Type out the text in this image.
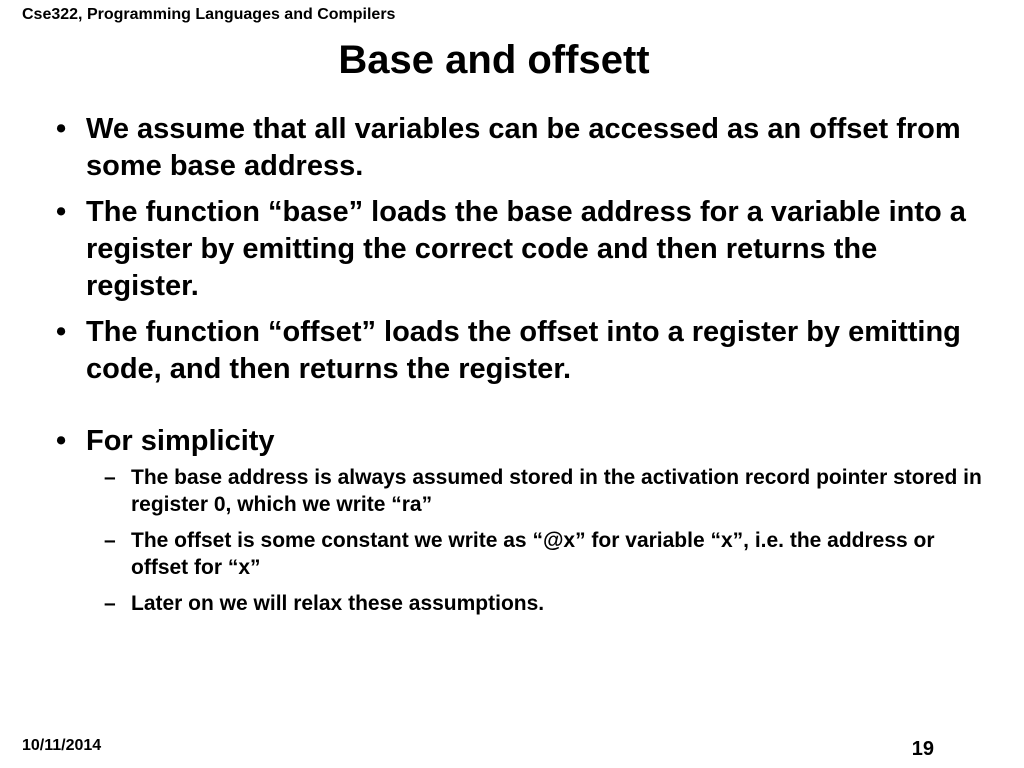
Cse322, Programming Languages and Compilers
Base and offsett
• We assume that all variables can be accessed as an offset from some base address.
• The function “base” loads the base address for a variable into a register by emitting the correct code and then returns the register.
• The function “offset” loads the offset into a register by emitting code, and then returns the register.
• For simplicity
– The base address is always assumed stored in the activation record pointer stored in register 0, which we write “ra”
– The offset is some constant we write as “@x” for variable “x”, i.e. the address or offset for “x”
– Later on we will relax these assumptions.
10/11/2014	19
